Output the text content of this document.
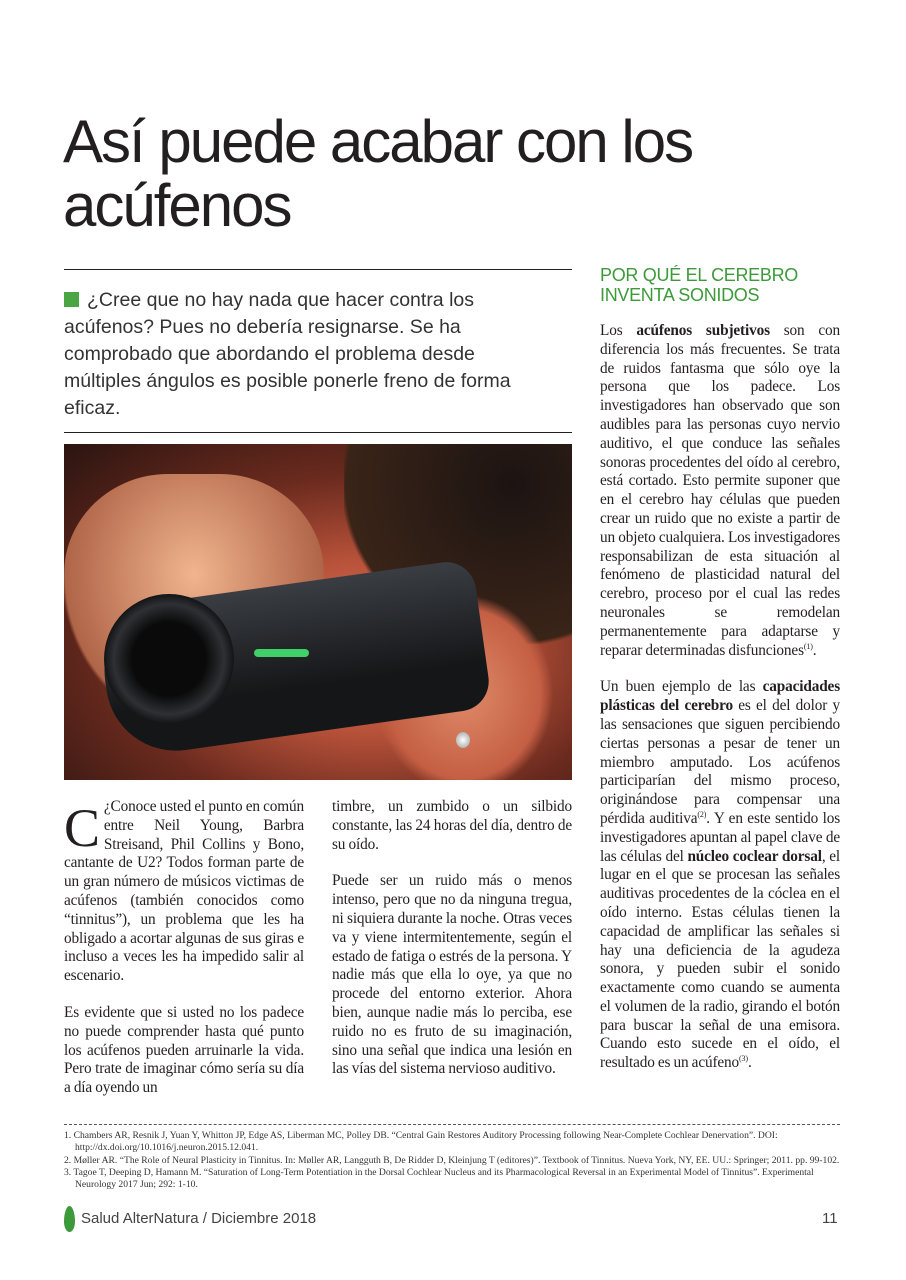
Así puede acabar con los acúfenos
¿Cree que no hay nada que hacer contra los acúfenos? Pues no debería resignarse. Se ha comprobado que abordando el problema desde múltiples ángulos es posible ponerle freno de forma eficaz.

C ¿Conoce usted el punto en común entre Neil Young, Barbra Streisand, Phil Collins y Bono, cantante de U2? Todos forman parte de un gran número de músicos victimas de acúfenos (también conocidos como “tinnitus”), un problema que les ha obligado a acortar algunas de sus giras e incluso a veces les ha impedido salir al escenario.

Es evidente que si usted no los padece no puede comprender hasta qué punto los acúfenos pueden arruinarle la vida. Pero trate de imaginar cómo sería su día a día oyendo un

timbre, un zumbido o un silbido constante, las 24 horas del día, dentro de su oído.

Puede ser un ruido más o menos intenso, pero que no da ninguna tregua, ni siquiera durante la noche. Otras veces va y viene intermitentemente, según el estado de fatiga o estrés de la persona. Y nadie más que ella lo oye, ya que no procede del entorno exterior. Ahora bien, aunque nadie más lo perciba, ese ruido no es fruto de su imaginación, sino una señal que indica una lesión en las vías del sistema nervioso auditivo.

POR QUÉ EL CEREBRO INVENTA SONIDOS

Los acúfenos subjetivos son con diferencia los más frecuentes. Se trata de ruidos fantasma que sólo oye la persona que los padece. Los investigadores han observado que son audibles para las personas cuyo nervio auditivo, el que conduce las señales sonoras procedentes del oído al cerebro, está cortado. Esto permite suponer que en el cerebro hay células que pueden crear un ruido que no existe a partir de un objeto cualquiera. Los investigadores responsabilizan de esta situación al fenómeno de plasticidad natural del cerebro, proceso por el cual las redes neuronales se remodelan permanentemente para adaptarse y reparar determinadas disfunciones$^{(1)}$.

Un buen ejemplo de las capacidades plásticas del cerebro es el del dolor y las sensaciones que siguen percibiendo ciertas personas a pesar de tener un miembro amputado. Los acúfenos participarían del mismo proceso, originándose para compensar una pérdida auditiva$^{(2)}$. Y en este sentido los investigadores apuntan al papel clave de las células del núcleo coclear dorsal, el lugar en el que se procesan las señales auditivas procedentes de la cóclea en el oído interno. Estas células tienen la capacidad de amplificar las señales si hay una deficiencia de la agudeza sonora, y pueden subir el sonido exactamente como cuando se aumenta el volumen de la radio, girando el botón para buscar la señal de una emisora. Cuando esto sucede en el oído, el resultado es un acúfeno$^{(3)}$.

1. Chambers AR, Resnik J, Yuan Y, Whitton JP, Edge AS, Liberman MC, Polley DB. “Central Gain Restores Auditory Processing following Near-Complete Cochlear Denervation”. DOI: http://dx.doi.org/10.1016/j.neuron.2015.12.041.
2. Møller AR. “The Role of Neural Plasticity in Tinnitus. In: Møller AR, Langguth B, De Ridder D, Kleinjung T (editores)”. Textbook of Tinnitus. Nueva York, NY, EE. UU.: Springer; 2011. pp. 99-102.
3. Tagoe T, Deeping D, Hamann M. “Saturation of Long-Term Potentiation in the Dorsal Cochlear Nucleus and its Pharmacological Reversal in an Experimental Model of Tinnitus”. Experimental Neurology 2017 Jun; 292: 1-10.
Salud AlterNatura / Diciembre 2018	11
